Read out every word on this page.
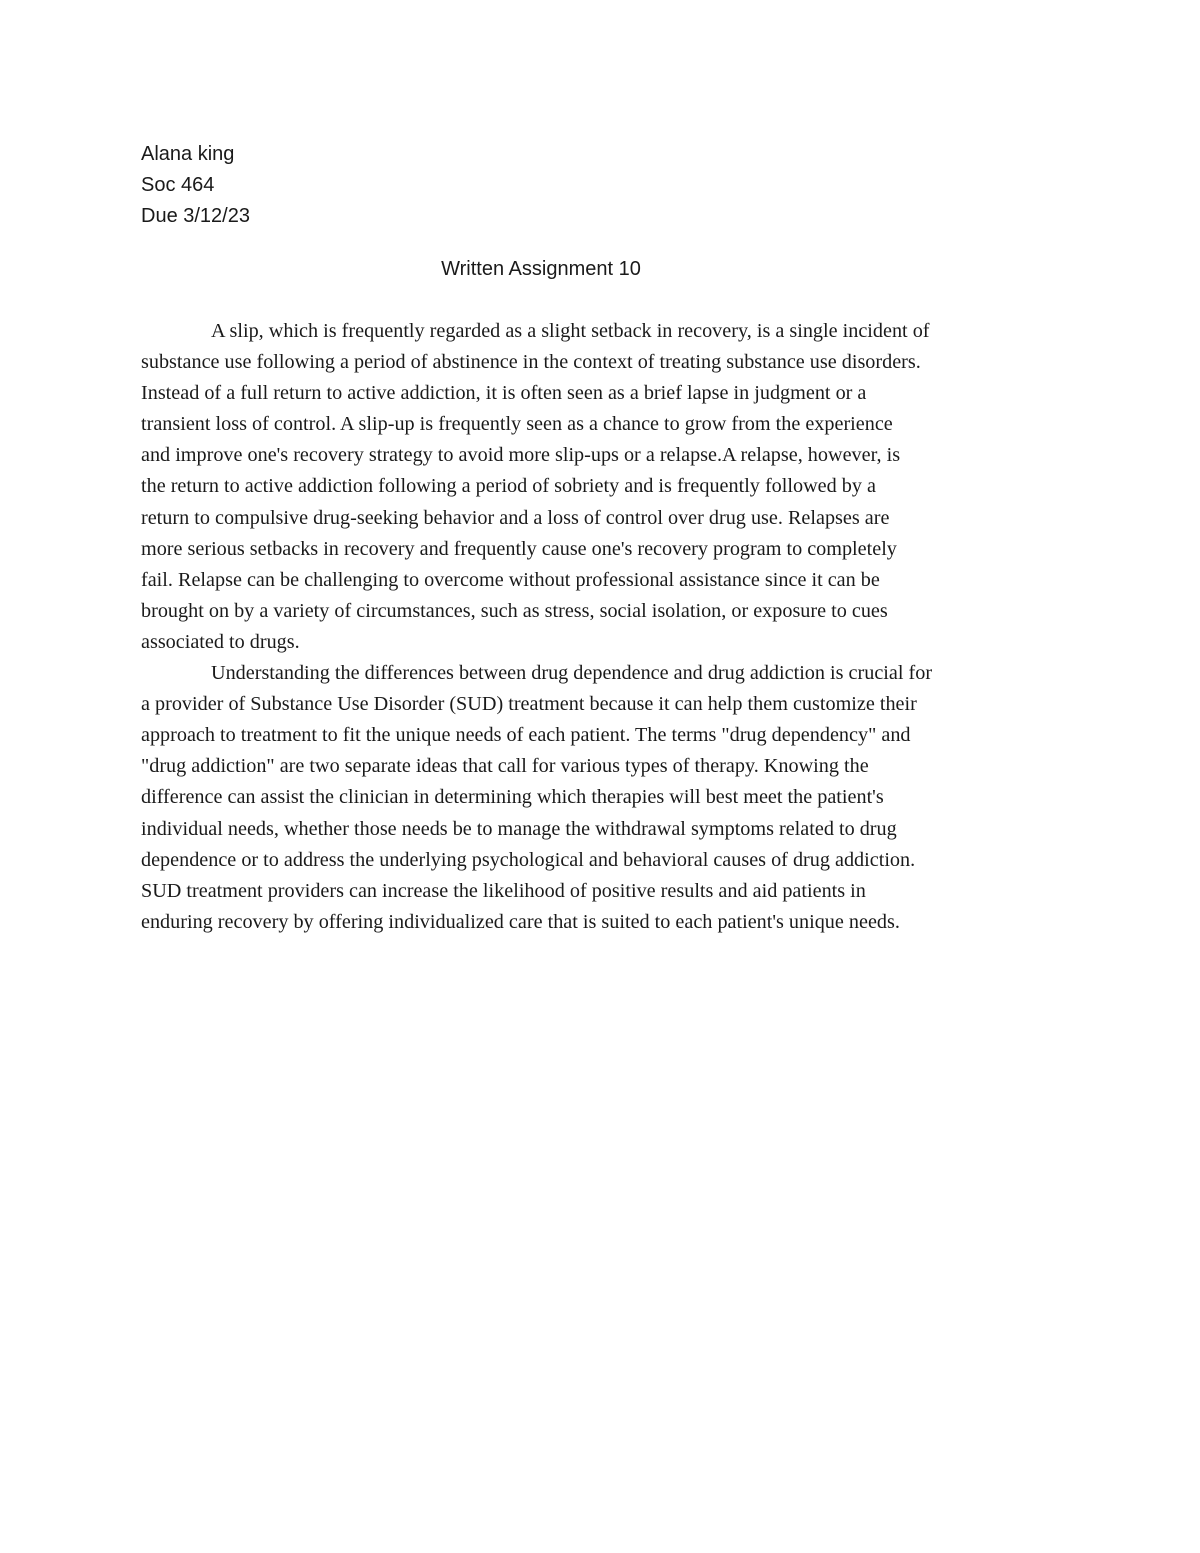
Alana king
Soc 464
Due 3/12/23
Written Assignment 10
A slip, which is frequently regarded as a slight setback in recovery, is a single incident of
substance use following a period of abstinence in the context of treating substance use disorders.
Instead of a full return to active addiction, it is often seen as a brief lapse in judgment or a
transient loss of control. A slip-up is frequently seen as a chance to grow from the experience
and improve one's recovery strategy to avoid more slip-ups or a relapse.A relapse, however, is
the return to active addiction following a period of sobriety and is frequently followed by a
return to compulsive drug-seeking behavior and a loss of control over drug use. Relapses are
more serious setbacks in recovery and frequently cause one's recovery program to completely
fail. Relapse can be challenging to overcome without professional assistance since it can be
brought on by a variety of circumstances, such as stress, social isolation, or exposure to cues
associated to drugs.
Understanding the differences between drug dependence and drug addiction is crucial for
a provider of Substance Use Disorder (SUD) treatment because it can help them customize their
approach to treatment to fit the unique needs of each patient. The terms "drug dependency" and
"drug addiction" are two separate ideas that call for various types of therapy. Knowing the
difference can assist the clinician in determining which therapies will best meet the patient's
individual needs, whether those needs be to manage the withdrawal symptoms related to drug
dependence or to address the underlying psychological and behavioral causes of drug addiction.
SUD treatment providers can increase the likelihood of positive results and aid patients in
enduring recovery by offering individualized care that is suited to each patient's unique needs.
